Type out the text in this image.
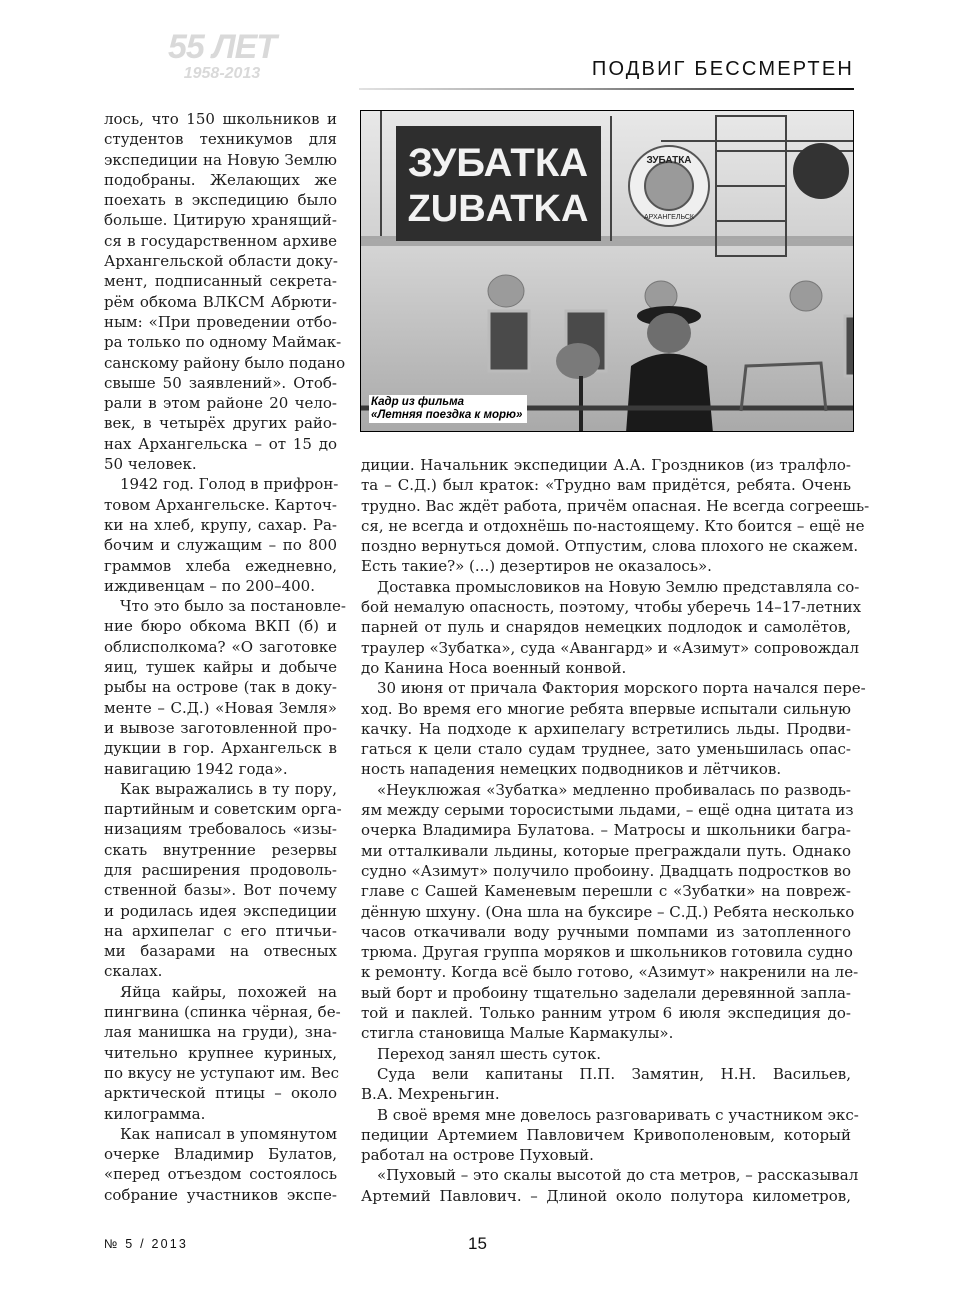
55 ЛЕТ
1958-2013	ПОДВИГ БЕССМЕРТЕН
ЗУБАТКА
ZUBATKA
ЗУБАТКА
АРХАНГЕЛЬСК
Кадр из фильма
«Летняя поездка к морю»
лось, что 150 школьников и
студентов техникумов для
экспедиции на Новую Землю
подобраны. Желающих же
поехать в экспедицию было
больше. Цитирую хранящий-
ся в государственном архиве
Архангельской области доку-
мент, подписанный секрета-
рём обкома ВЛКСМ Абрюти-
ным: «При проведении отбо-
ра только по одному Маймак-
санскому району было подано
свыше 50 заявлений». Отоб-
рали в этом районе 20 чело-
век, в четырёх других райо-
нах Архангельска – от 15 до
50 человек.
1942 год. Голод в прифрон-
товом Архангельске. Карточ-
ки на хлеб, крупу, сахар. Ра-
бочим и служащим – по 800
граммов хлеба ежедневно,
иждивенцам – по 200–400.
Что это было за постановле-
ние бюро обкома ВКП (б) и
облисполкома? «О заготовке
яиц, тушек кайры и добыче
рыбы на острове (так в доку-
менте – С.Д.) «Новая Земля»
и вывозе заготовленной про-
дукции в гор. Архангельск в
навигацию 1942 года».
Как выражались в ту пору,
партийным и советским орга-
низациям требовалось «изы-
скать внутренние резервы
для расширения продоволь-
ственной базы». Вот почему
и родилась идея экспедиции
на архипелаг с его птичьи-
ми базарами на отвесных
скалах.
Яйца кайры, похожей на
пингвина (спинка чёрная, бе-
лая манишка на груди), зна-
чительно крупнее куриных,
по вкусу не уступают им. Вес
арктической птицы – около
килограмма.
Как написал в упомянутом
очерке Владимир Булатов,
«перед отъездом состоялось
собрание участников экспе-
диции. Начальник экспедиции А.А. Гроздников (из тралфло-
та – С.Д.) был краток: «Трудно вам придётся, ребята. Очень
трудно. Вас ждёт работа, причём опасная. Не всегда согреешь-
ся, не всегда и отдохнёшь по-настоящему. Кто боится – ещё не
поздно вернуться домой. Отпустим, слова плохого не скажем.
Есть такие?» (...) дезертиров не оказалось».
Доставка промысловиков на Новую Землю представляла со-
бой немалую опасность, поэтому, чтобы уберечь 14–17-летних
парней от пуль и снарядов немецких подлодок и самолётов,
траулер «Зубатка», суда «Авангард» и «Азимут» сопровождал
до Канина Носа военный конвой.
30 июня от причала Фактория морского порта начался пере-
ход. Во время его многие ребята впервые испытали сильную
качку. На подходе к архипелагу встретились льды. Продви-
гаться к цели стало судам труднее, зато уменьшилась опас-
ность нападения немецких подводников и лётчиков.
«Неуклюжая «Зубатка» медленно пробивалась по разводь-
ям между серыми торосистыми льдами, – ещё одна цитата из
очерка Владимира Булатова. – Матросы и школьники багра-
ми отталкивали льдины, которые преграждали путь. Однако
судно «Азимут» получило пробоину. Двадцать подростков во
главе с Сашей Каменевым перешли с «Зубатки» на повреж-
дённую шхуну. (Она шла на буксире – С.Д.) Ребята несколько
часов откачивали воду ручными помпами из затопленного
трюма. Другая группа моряков и школьников готовила судно
к ремонту. Когда всё было готово, «Азимут» накренили на ле-
вый борт и пробоину тщательно заделали деревянной запла-
той и паклей. Только ранним утром 6 июля экспедиция до-
стигла становища Малые Кармакулы».
Переход занял шесть суток.
Суда вели капитаны П.П. Замятин, Н.Н. Васильев,
В.А. Мехреньгин.
В своё время мне довелось разговаривать с участником экс-
педиции Артемием Павловичем Кривополеновым, который
работал на острове Пуховый.
«Пуховый – это скалы высотой до ста метров, – рассказывал
Артемий Павлович. – Длиной около полутора километров,
№ 5 / 2013	15
